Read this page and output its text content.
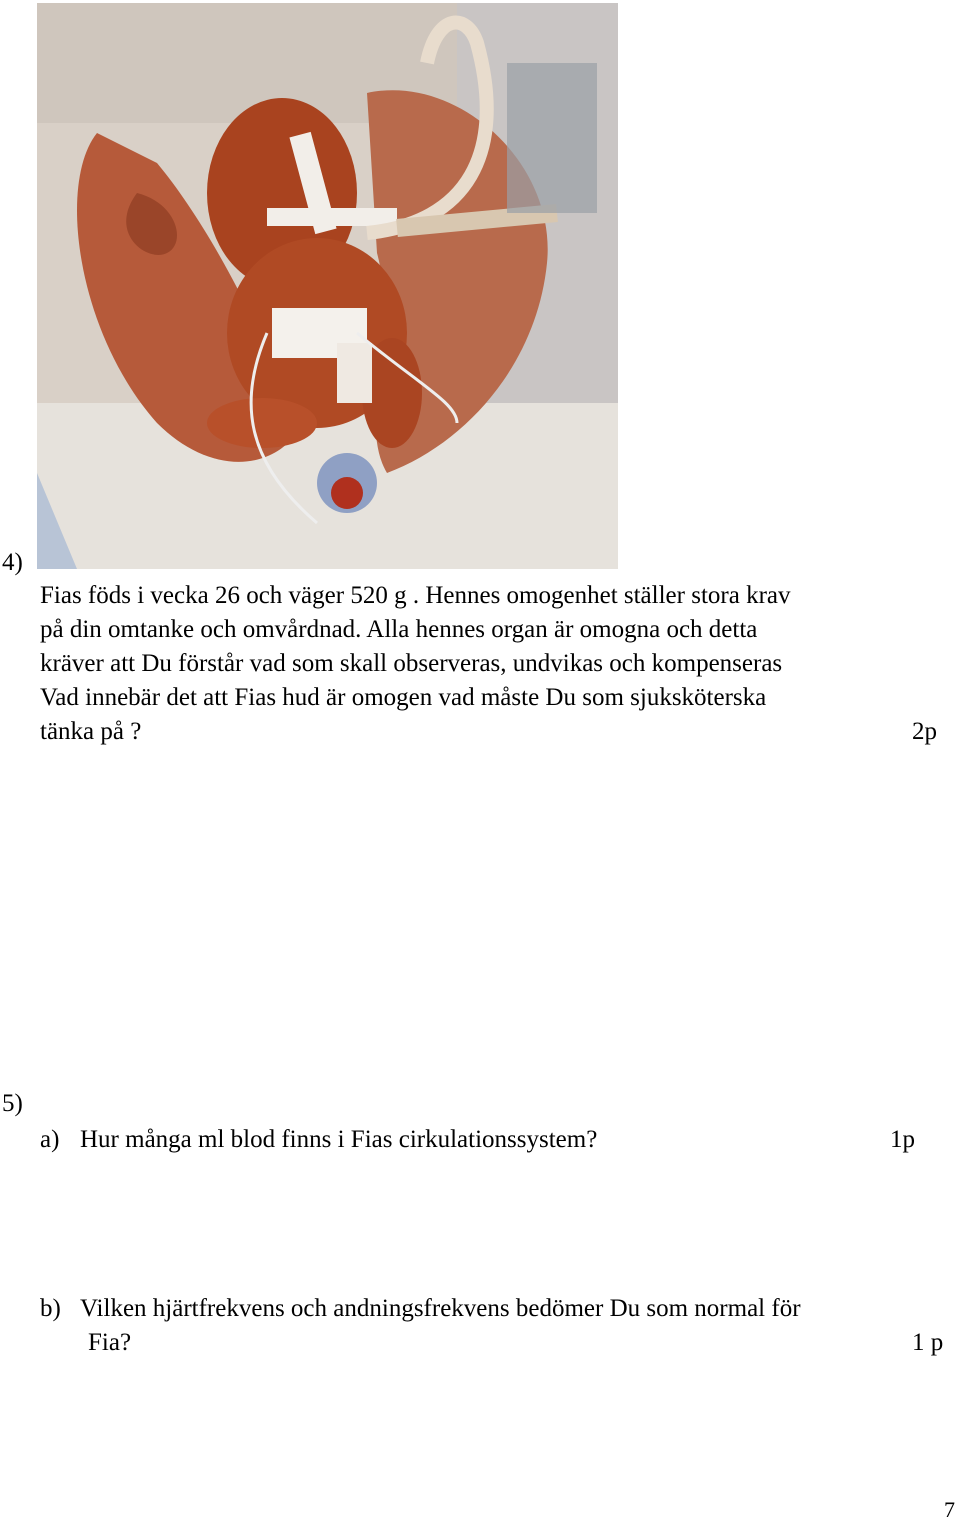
4)
Fias föds i vecka 26 och väger 520 g . Hennes omogenhet ställer stora krav
på din omtanke och omvårdnad. Alla hennes organ är omogna och detta
kräver att Du förstår vad som skall observeras, undvikas och kompenseras
Vad innebär det att Fias hud är omogen vad måste Du som sjuksköterska
tänka på ?	2p
5)
a) Hur många ml blod finns i Fias cirkulationssystem?	1p
b) Vilken hjärtfrekvens och andningsfrekvens bedömer Du som normal för
Fia?	1 p
7
